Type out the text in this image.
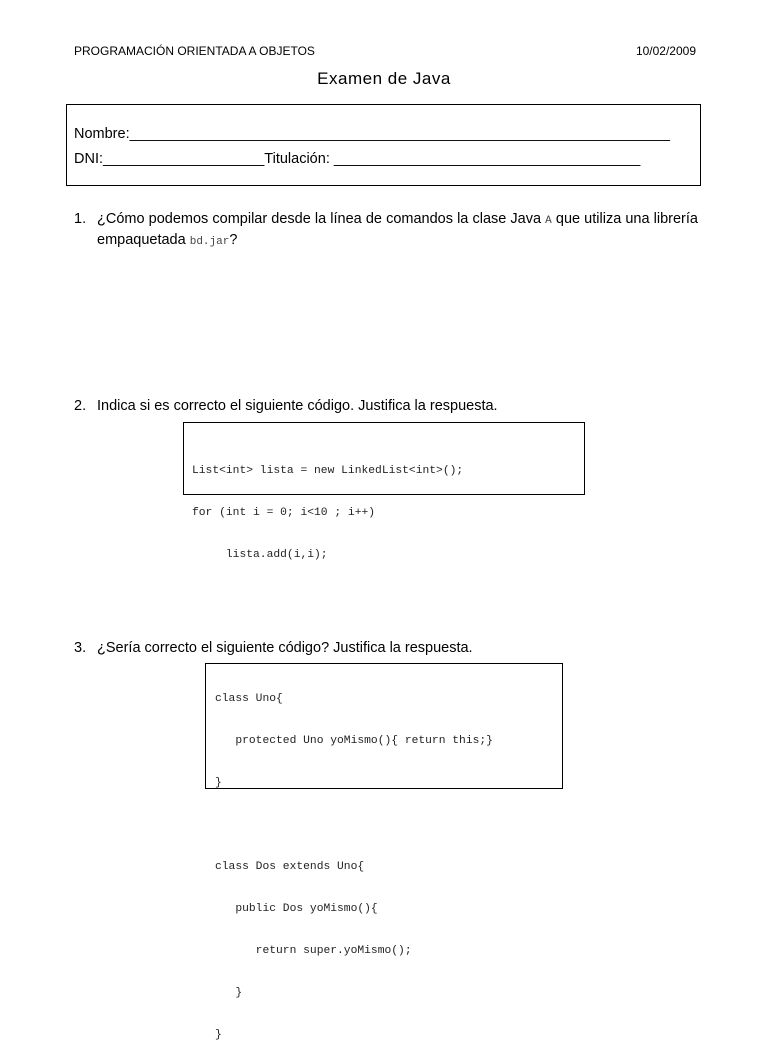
PROGRAMACIÓN ORIENTADA A OBJETOS	10/02/2009
Examen de Java
Nombre:___________________________________________________________________
DNI:____________________Titulación: ______________________________________
1. ¿Cómo podemos compilar desde la línea de comandos la clase Java A que utiliza una librería empaquetada bd.jar?
2. Indica si es correcto el siguiente código. Justifica la respuesta.

List<int> lista = new LinkedList<int>();

for (int i = 0; i<10 ; i++)

lista.add(i,i);

3. ¿Sería correcto el siguiente código? Justifica la respuesta.

class Uno{

protected Uno yoMismo(){ return this;}

}

class Dos extends Uno{

public Dos yoMismo(){

return super.yoMismo();

}

}
